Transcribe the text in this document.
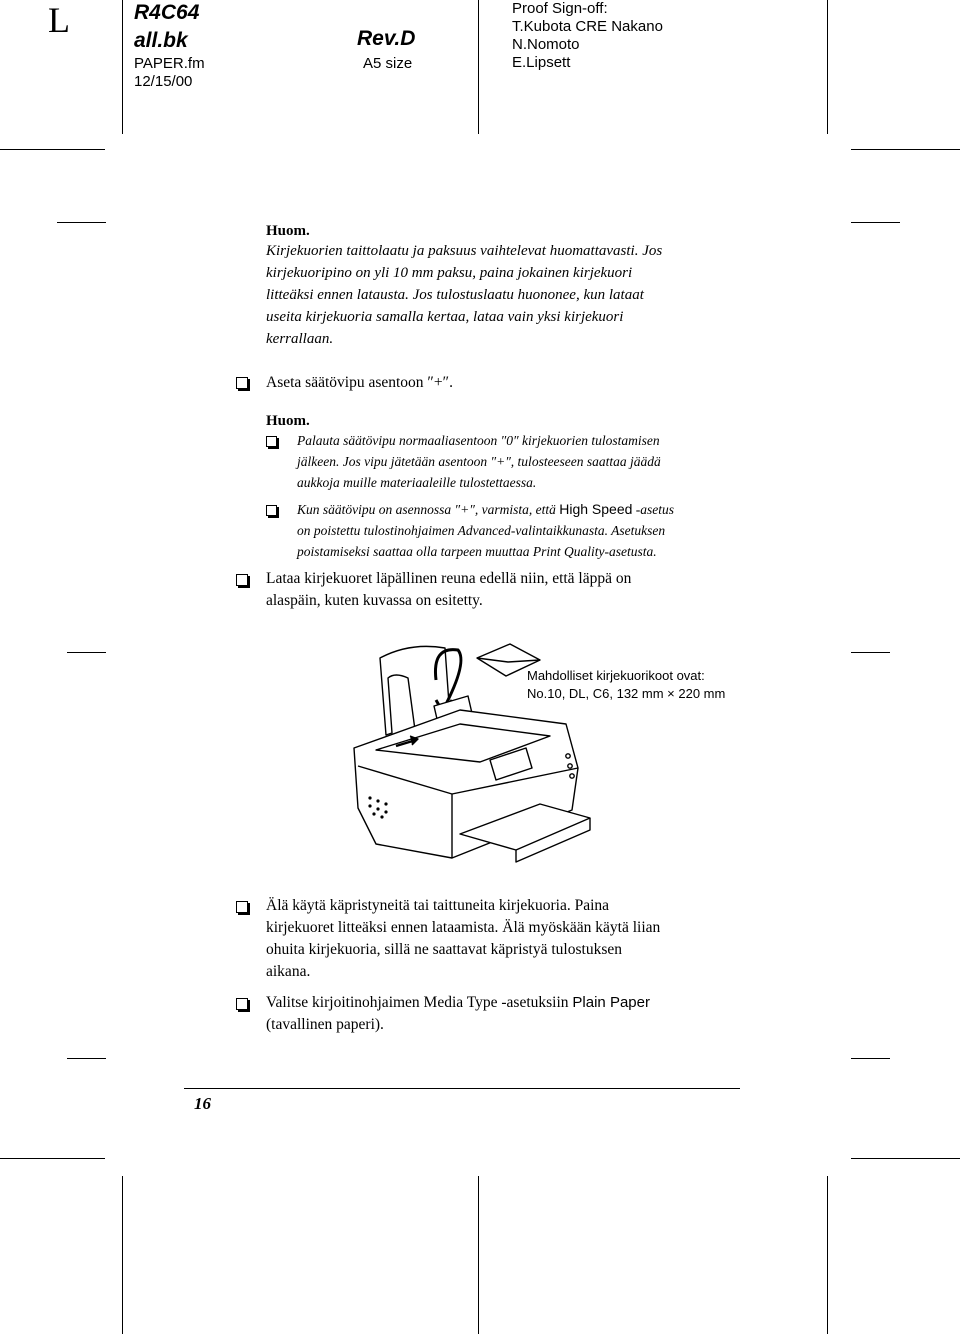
L	R4C64
all.bk
PAPER.fm
12/15/00
Rev.D
A5 size
Proof Sign-off:
T.Kubota CRE Nakano
N.Nomoto
E.Lipsett
Huom.
Kirjekuorien taittolaatu ja paksuus vaihtelevat huomattavasti. Jos
kirjekuoripino on yli 10 mm paksu, paina jokainen kirjekuori
litteäksi ennen latausta. Jos tulostuslaatu huononee, kun lataat
useita kirjekuoria samalla kertaa, lataa vain yksi kirjekuori
kerrallaan.
Aseta säätövipu asentoon ″+″.
Huom.
Palauta säätövipu normaaliasentoon ″0″ kirjekuorien tulostamisen
jälkeen. Jos vipu jätetään asentoon ″+″, tulosteeseen saattaa jäädä
aukkoja muille materiaaleille tulostettaessa.
Kun säätövipu on asennossa ″+″, varmista, että High Speed -asetus
on poistettu tulostinohjaimen Advanced-valintaikkunasta. Asetuksen
poistamiseksi saattaa olla tarpeen muuttaa Print Quality-asetusta.
Lataa kirjekuoret läpällinen reuna edellä niin, että läppä on
alaspäin, kuten kuvassa on esitetty.
Mahdolliset kirjekuorikoot ovat:
No.10, DL, C6, 132 mm × 220 mm
Älä käytä käpristyneitä tai taittuneita kirjekuoria. Paina
kirjekuoret litteäksi ennen lataamista. Älä myöskään käytä liian
ohuita kirjekuoria, sillä ne saattavat käpristyä tulostuksen
aikana.
Valitse kirjoitinohjaimen Media Type -asetuksiin Plain Paper
(tavallinen paperi).
16
